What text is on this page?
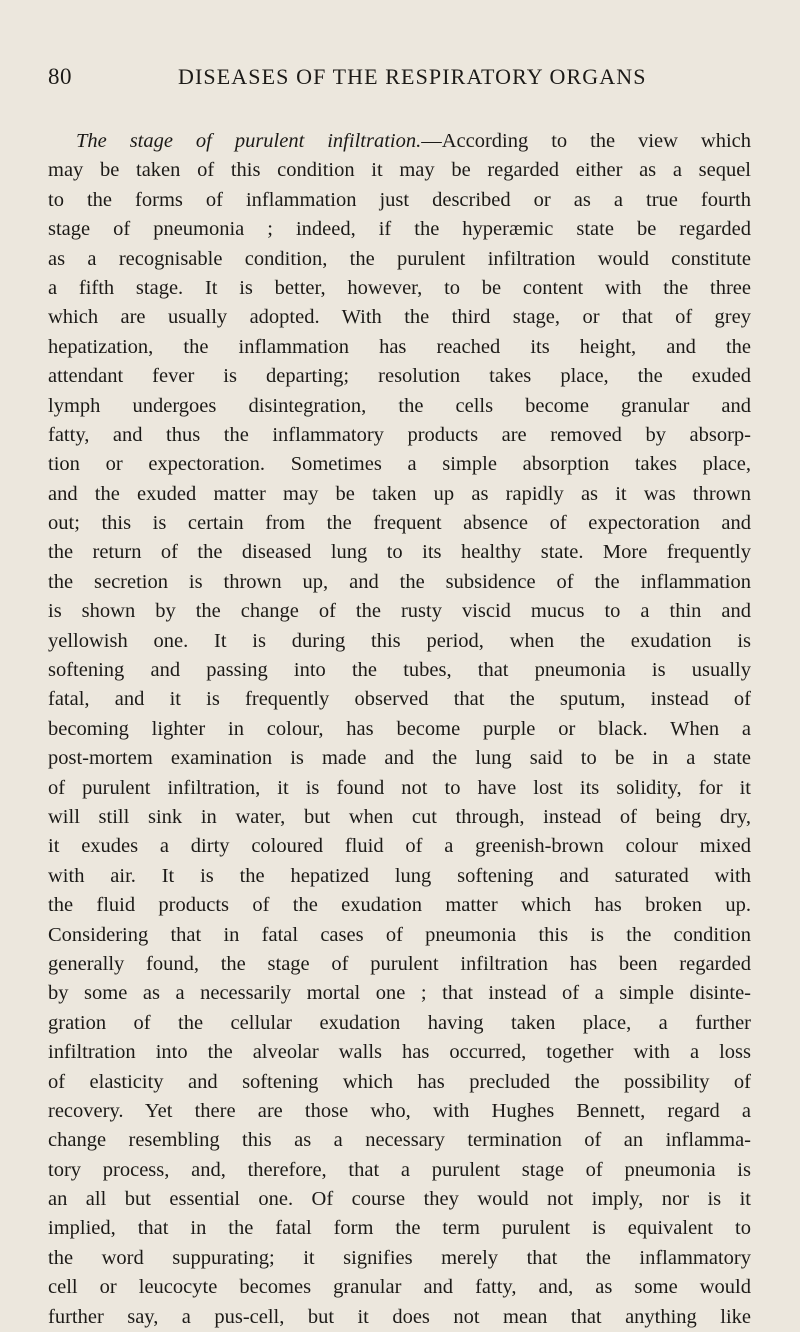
80	DISEASES OF THE RESPIRATORY ORGANS
The stage of purulent infiltration.—According to the view which
may be taken of this condition it may be regarded either as a sequel
to the forms of inflammation just described or as a true fourth
stage of pneumonia ; indeed, if the hyperæmic state be regarded
as a recognisable condition, the purulent infiltration would constitute
a fifth stage. It is better, however, to be content with the three
which are usually adopted. With the third stage, or that of grey
hepatization, the inflammation has reached its height, and the
attendant fever is departing; resolution takes place, the exuded
lymph undergoes disintegration, the cells become granular and
fatty, and thus the inflammatory products are removed by absorp-
tion or expectoration. Sometimes a simple absorption takes place,
and the exuded matter may be taken up as rapidly as it was thrown
out; this is certain from the frequent absence of expectoration and
the return of the diseased lung to its healthy state. More frequently
the secretion is thrown up, and the subsidence of the inflammation
is shown by the change of the rusty viscid mucus to a thin and
yellowish one. It is during this period, when the exudation is
softening and passing into the tubes, that pneumonia is usually
fatal, and it is frequently observed that the sputum, instead of
becoming lighter in colour, has become purple or black. When a
post-mortem examination is made and the lung said to be in a state
of purulent infiltration, it is found not to have lost its solidity, for it
will still sink in water, but when cut through, instead of being dry,
it exudes a dirty coloured fluid of a greenish-brown colour mixed
with air. It is the hepatized lung softening and saturated with
the fluid products of the exudation matter which has broken up.
Considering that in fatal cases of pneumonia this is the condition
generally found, the stage of purulent infiltration has been regarded
by some as a necessarily mortal one ; that instead of a simple disinte-
gration of the cellular exudation having taken place, a further
infiltration into the alveolar walls has occurred, together with a loss
of elasticity and softening which has precluded the possibility of
recovery. Yet there are those who, with Hughes Bennett, regard a
change resembling this as a necessary termination of an inflamma-
tory process, and, therefore, that a purulent stage of pneumonia is
an all but essential one. Of course they would not imply, nor is it
implied, that in the fatal form the term purulent is equivalent to
the word suppurating; it signifies merely that the inflammatory
cell or leucocyte becomes granular and fatty, and, as some would
further say, a pus-cell, but it does not mean that anything like
